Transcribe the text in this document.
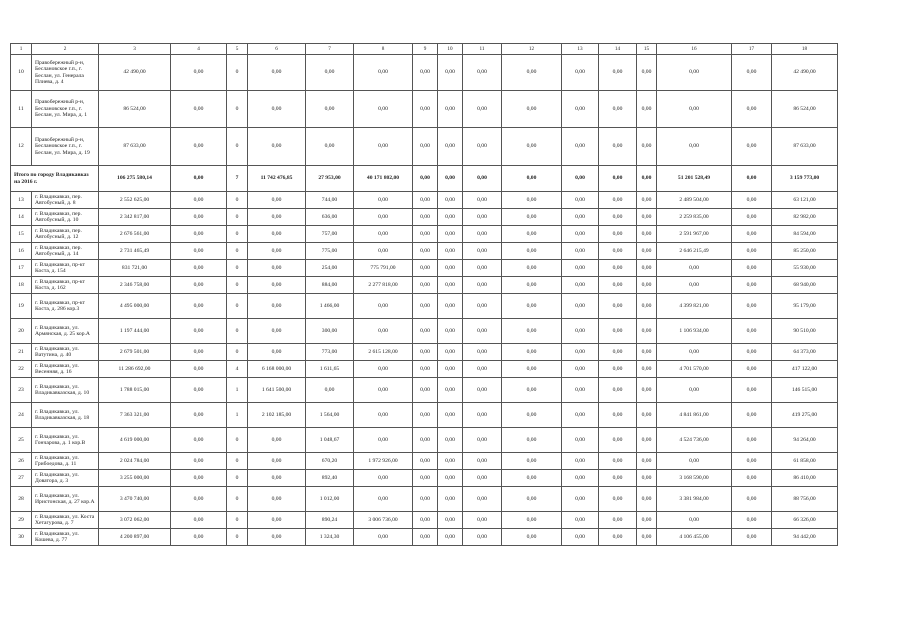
1	2	3	4	5	6	7	8	9	10	11	12	13	14	15	16	17	18
10	Правобережный р-н, Беслановское г.п., г. Беслан, ул. Генерала Плиева, д. 4	42 490,00	0,00	0	0,00	0,00	0,00	0,00	0,00	0,00	0,00	0,00	0,00	0,00	0,00	0,00	42 490,00
11	Правобережный р-н, Беслановское г.п., г. Беслан, ул. Мира, д. 1	86 524,00	0,00	0	0,00	0,00	0,00	0,00	0,00	0,00	0,00	0,00	0,00	0,00	0,00	0,00	86 524,00
12	Правобережный р-н, Беслановское г.п., г. Беслан, ул. Мира, д. 19	87 633,00	0,00	0	0,00	0,00	0,00	0,00	0,00	0,00	0,00	0,00	0,00	0,00	0,00	0,00	87 633,00
Итого по городу Владикавказ на 2016 г.		106 275 580,14	0,00	7	11 742 476,85	27 953,00	40 171 802,00	0,00	0,00	0,00	0,00	0,00	0,00	0,00	51 201 528,49	0,00	3 159 773,00
13	г. Владикавказ, пер. Автобусный, д. 8	2 552 625,00	0,00	0	0,00	744,00	0,00	0,00	0,00	0,00	0,00	0,00	0,00	0,00	2 489 504,00	0,00	63 121,00
14	г. Владикавказ, пер. Автобусный, д. 10	2 342 817,00	0,00	0	0,00	636,00	0,00	0,00	0,00	0,00	0,00	0,00	0,00	0,00	2 259 835,00	0,00	82 982,00
15	г. Владикавказ, пер. Автобусный, д. 12	2 676 561,00	0,00	0	0,00	757,00	0,00	0,00	0,00	0,00	0,00	0,00	0,00	0,00	2 591 967,00	0,00	84 594,00
16	г. Владикавказ, пер. Автобусный, д. 14	2 731 465,49	0,00	0	0,00	775,00	0,00	0,00	0,00	0,00	0,00	0,00	0,00	0,00	2 646 215,49	0,00	85 250,00
17	г. Владикавказ, пр-кт Коста, д. 154	831 721,00	0,00	0	0,00	254,00	775 791,00	0,00	0,00	0,00	0,00	0,00	0,00	0,00	0,00	0,00	55 930,00
18	г. Владикавказ, пр-кт Коста, д. 162	2 346 758,00	0,00	0	0,00	884,00	2 277 818,00	0,00	0,00	0,00	0,00	0,00	0,00	0,00	0,00	0,00	68 940,00
19	г. Владикавказ, пр-кт Коста, д. 286 кор.3	4 495 000,00	0,00	0	0,00	1 466,00	0,00	0,00	0,00	0,00	0,00	0,00	0,00	0,00	4 399 821,00	0,00	95 179,00
20	г. Владикавказ, ул. Армянская, д. 25 кор.А	1 197 444,00	0,00	0	0,00	300,00	0,00	0,00	0,00	0,00	0,00	0,00	0,00	0,00	1 106 934,00	0,00	90 510,00
21	г. Владикавказ, ул. Ватутина, д. 40	2 679 501,00	0,00	0	0,00	773,00	2 615 128,00	0,00	0,00	0,00	0,00	0,00	0,00	0,00	0,00	0,00	64 373,00
22	г. Владикавказ, ул. Весенняя, д. 16	11 286 692,00	0,00	4	6 168 000,00	1 611,65	0,00	0,00	0,00	0,00	0,00	0,00	0,00	0,00	4 701 570,00	0,00	417 122,00
23	г. Владикавказ, ул. Владикавказская, д. 10	1 788 015,00	0,00	1	1 641 500,00	0,00	0,00	0,00	0,00	0,00	0,00	0,00	0,00	0,00	0,00	0,00	146 515,00
24	г. Владикавказ, ул. Владикавказская, д. 18	7 363 321,00	0,00	1	2 102 185,00	1 564,00	0,00	0,00	0,00	0,00	0,00	0,00	0,00	0,00	4 841 861,00	0,00	419 275,00
25	г. Владикавказ, ул. Гончарова, д. 1 кор.В	4 619 000,00	0,00	0	0,00	1 048,67	0,00	0,00	0,00	0,00	0,00	0,00	0,00	0,00	4 524 736,00	0,00	94 264,00
26	г. Владикавказ, ул. Грибоедова, д. 11	2 024 784,00	0,00	0	0,00	670,20	1 972 926,00	0,00	0,00	0,00	0,00	0,00	0,00	0,00	0,00	0,00	61 858,00
27	г. Владикавказ, ул. Доватора, д. 3	3 255 000,00	0,00	0	0,00	892,40	0,00	0,00	0,00	0,00	0,00	0,00	0,00	0,00	3 168 590,00	0,00	86 410,00
28	г. Владикавказ, ул. Иристонская, д. 27 кор.А	3 470 740,00	0,00	0	0,00	1 012,00	0,00	0,00	0,00	0,00	0,00	0,00	0,00	0,00	3 381 984,00	0,00	88 756,00
29	г. Владикавказ, ул. Коста Хетагурова, д. 7	3 072 062,00	0,00	0	0,00	890,24	3 006 736,00	0,00	0,00	0,00	0,00	0,00	0,00	0,00	0,00	0,00	66 326,00
30	г. Владикавказ, ул. Кошева, д. 77	4 200 897,00	0,00	0	0,00	1 324,30	0,00	0,00	0,00	0,00	0,00	0,00	0,00	0,00	4 106 455,00	0,00	94 442,00
